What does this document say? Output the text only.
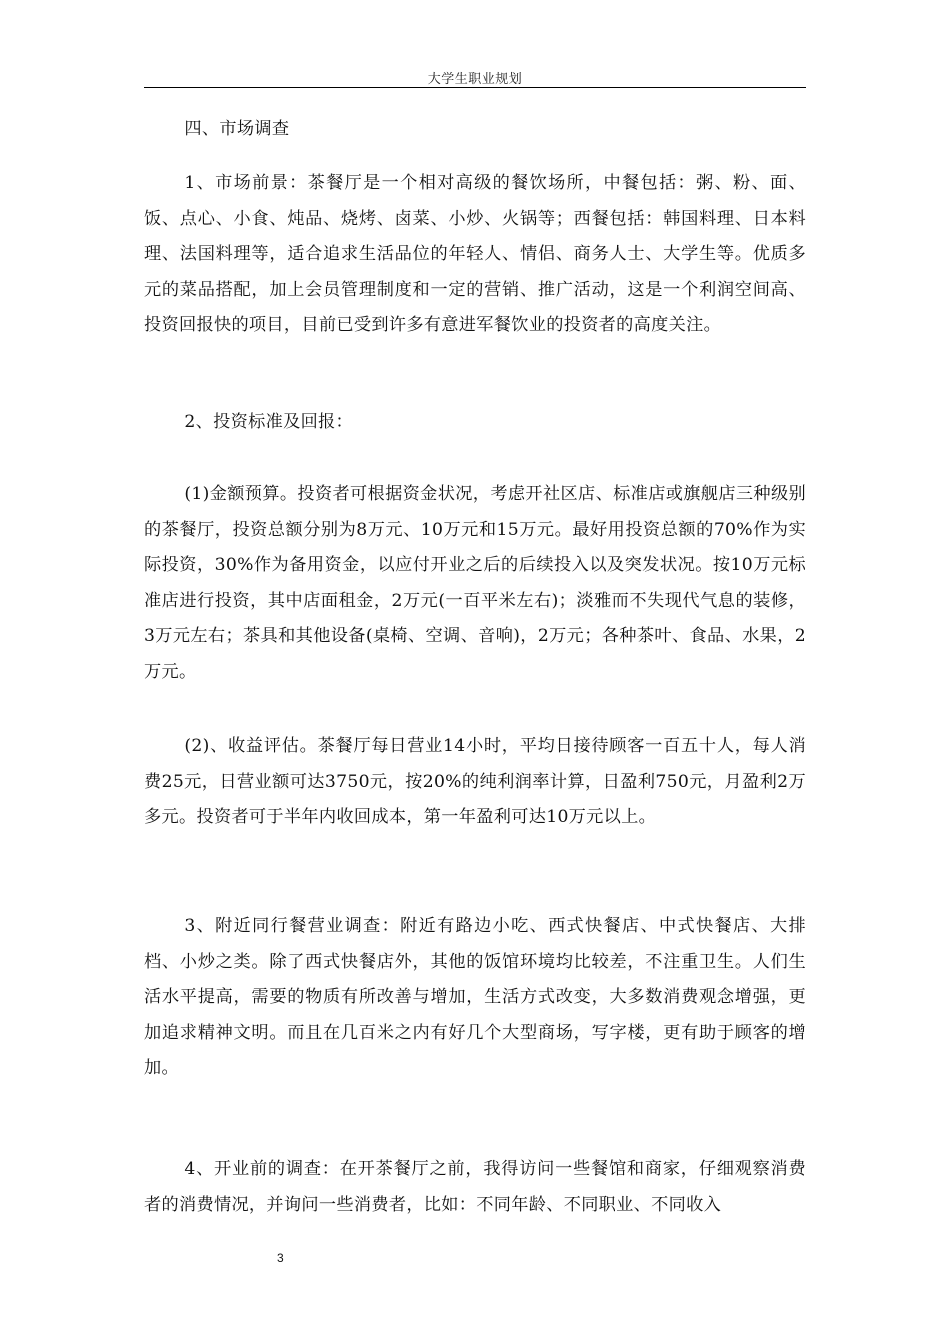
大学生职业规划

四、市场调查

1、市场前景：茶餐厅是一个相对高级的餐饮场所，中餐包括：粥、粉、面、饭、点心、小食、炖品、烧烤、卤菜、小炒、火锅等；西餐包括：韩国料理、日本料理、法国料理等，适合追求生活品位的年轻人、情侣、商务人士、大学生等。优质多元的菜品搭配，加上会员管理制度和一定的营销、推广活动，这是一个利润空间高、投资回报快的项目，目前已受到许多有意进军餐饮业的投资者的高度关注。

2、投资标准及回报：

(1)金额预算。投资者可根据资金状况，考虑开社区店、标准店或旗舰店三种级别的茶餐厅，投资总额分别为8万元、10万元和15万元。最好用投资总额的70%作为实际投资，30%作为备用资金，以应付开业之后的后续投入以及突发状况。按10万元标准店进行投资，其中店面租金，2万元(一百平米左右)；淡雅而不失现代气息的装修，3万元左右；茶具和其他设备(桌椅、空调、音响)，2万元；各种茶叶、食品、水果，2万元。

(2)、收益评估。茶餐厅每日营业14小时，平均日接待顾客一百五十人，每人消费25元，日营业额可达3750元，按20%的纯利润率计算，日盈利750元，月盈利2万多元。投资者可于半年内收回成本，第一年盈利可达10万元以上。

3、附近同行餐营业调查：附近有路边小吃、西式快餐店、中式快餐店、大排档、小炒之类。除了西式快餐店外，其他的饭馆环境均比较差，不注重卫生。人们生活水平提高，需要的物质有所改善与增加，生活方式改变，大多数消费观念增强，更加追求精神文明。而且在几百米之内有好几个大型商场，写字楼，更有助于顾客的增加。

4、开业前的调查：在开茶餐厅之前，我得访问一些餐馆和商家，仔细观察消费者的消费情况，并询问一些消费者，比如：不同年龄、不同职业、不同收入

3
